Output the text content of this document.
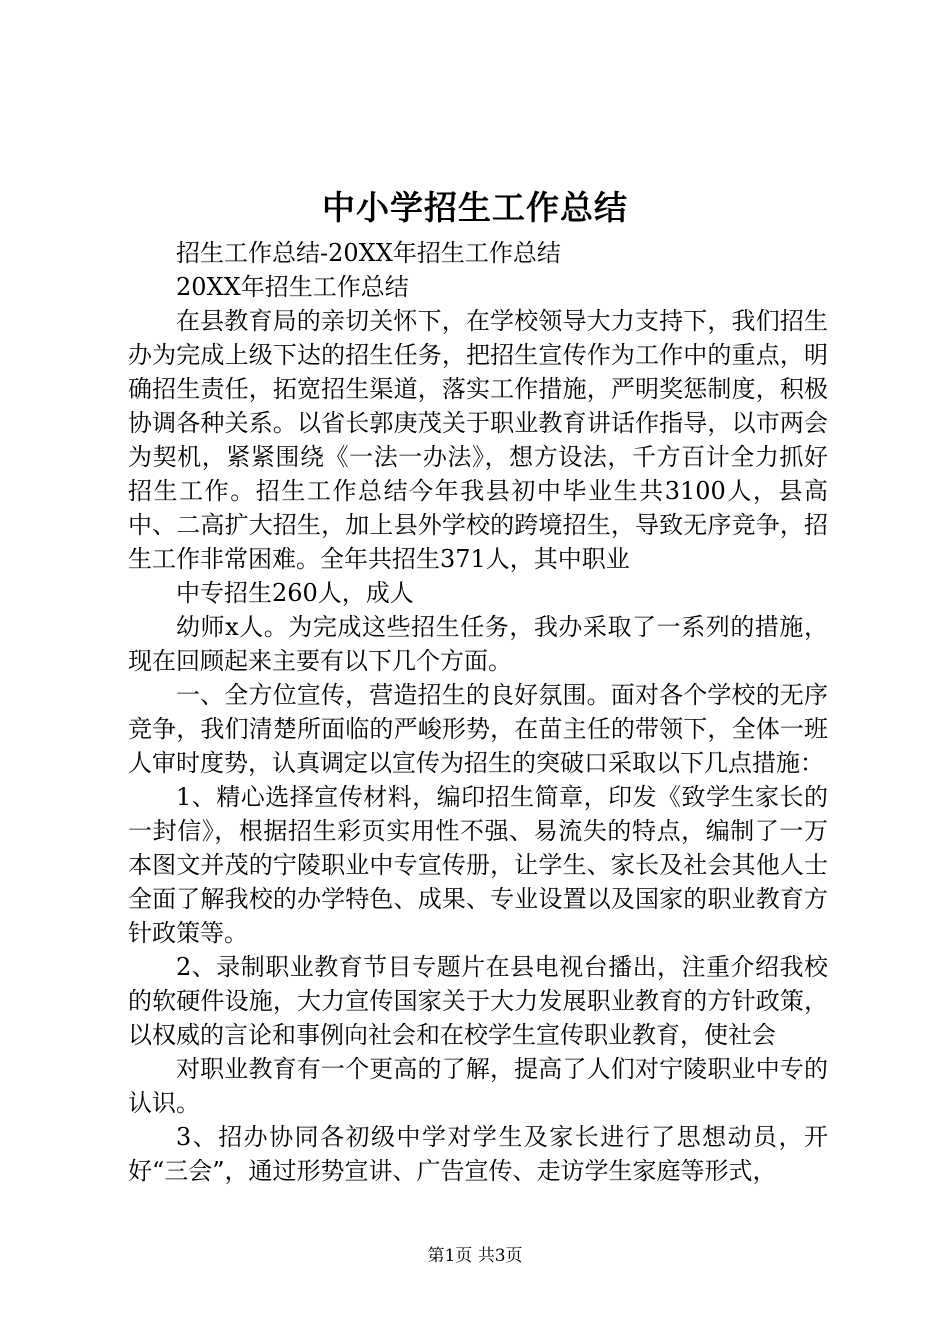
中小学招生工作总结

招生工作总结-20XX年招生工作总结

20XX年招生工作总结

在县教育局的亲切关怀下，在学校领导大力支持下，我们招生办为完成上级下达的招生任务，把招生宣传作为工作中的重点，明确招生责任，拓宽招生渠道，落实工作措施，严明奖惩制度，积极协调各种关系。以省长郭庚茂关于职业教育讲话作指导，以市两会为契机，紧紧围绕《一法一办法》，想方设法，千方百计全力抓好招生工作。招生工作总结今年我县初中毕业生共3100人，县高中、二高扩大招生，加上县外学校的跨境招生，导致无序竞争，招生工作非常困难。全年共招生371人，其中职业

中专招生260人，成人

幼师x人。为完成这些招生任务，我办采取了一系列的措施，现在回顾起来主要有以下几个方面。

一、全方位宣传，营造招生的良好氛围。面对各个学校的无序竞争，我们清楚所面临的严峻形势，在苗主任的带领下，全体一班人审时度势，认真调定以宣传为招生的突破口采取以下几点措施：

1、精心选择宣传材料，编印招生简章，印发《致学生家长的一封信》，根据招生彩页实用性不强、易流失的特点，编制了一万本图文并茂的宁陵职业中专宣传册，让学生、家长及社会其他人士全面了解我校的办学特色、成果、专业设置以及国家的职业教育方针政策等。

2、录制职业教育节目专题片在县电视台播出，注重介绍我校的软硬件设施，大力宣传国家关于大力发展职业教育的方针政策，以权威的言论和事例向社会和在校学生宣传职业教育，使社会

对职业教育有一个更高的了解，提高了人们对宁陵职业中专的认识。

3、招办协同各初级中学对学生及家长进行了思想动员，开好“三会”，通过形势宣讲、广告宣传、走访学生家庭等形式，

第1页 共3页
